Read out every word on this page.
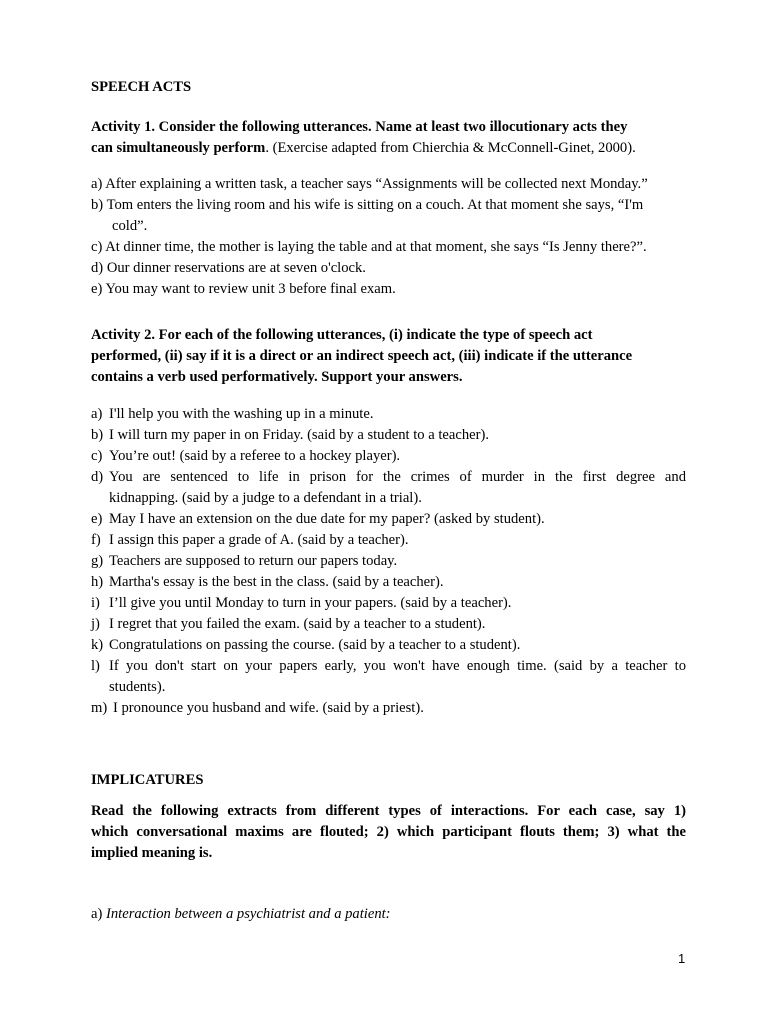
SPEECH ACTS
Activity 1. Consider the following utterances. Name at least two illocutionary acts they
can simultaneously perform. (Exercise adapted from Chierchia & McConnell-Ginet, 2000).
a) After explaining a written task, a teacher says “Assignments will be collected next Monday.”
b) Tom enters the living room and his wife is sitting on a couch. At that moment she says, “I'm
cold”.
c) At dinner time, the mother is laying the table and at that moment, she says “Is Jenny there?”.
d) Our dinner reservations are at seven o'clock.
e) You may want to review unit 3 before final exam.
Activity 2. For each of the following utterances, (i) indicate the type of speech act
performed, (ii) say if it is a direct or an indirect speech act, (iii) indicate if the utterance
contains a verb used performatively. Support your answers.
a) I'll help you with the washing up in a minute.
b) I will turn my paper in on Friday. (said by a student to a teacher).
c) You’re out! (said by a referee to a hockey player).
d) You are sentenced to life in prison for the crimes of murder in the first degree and
kidnapping. (said by a judge to a defendant in a trial).
e) May I have an extension on the due date for my paper? (asked by student).
f) I assign this paper a grade of A. (said by a teacher).
g) Teachers are supposed to return our papers today.
h) Martha's essay is the best in the class. (said by a teacher).
i) I’ll give you until Monday to turn in your papers. (said by a teacher).
j) I regret that you failed the exam. (said by a teacher to a student).
k) Congratulations on passing the course. (said by a teacher to a student).
l) If you don't start on your papers early, you won't have enough time. (said by a teacher to
students).
m) I pronounce you husband and wife. (said by a priest).
IMPLICATURES
Read the following extracts from different types of interactions. For each case, say 1)
which conversational maxims are flouted; 2) which participant flouts them; 3) what the
implied meaning is.
a) Interaction between a psychiatrist and a patient:
1
